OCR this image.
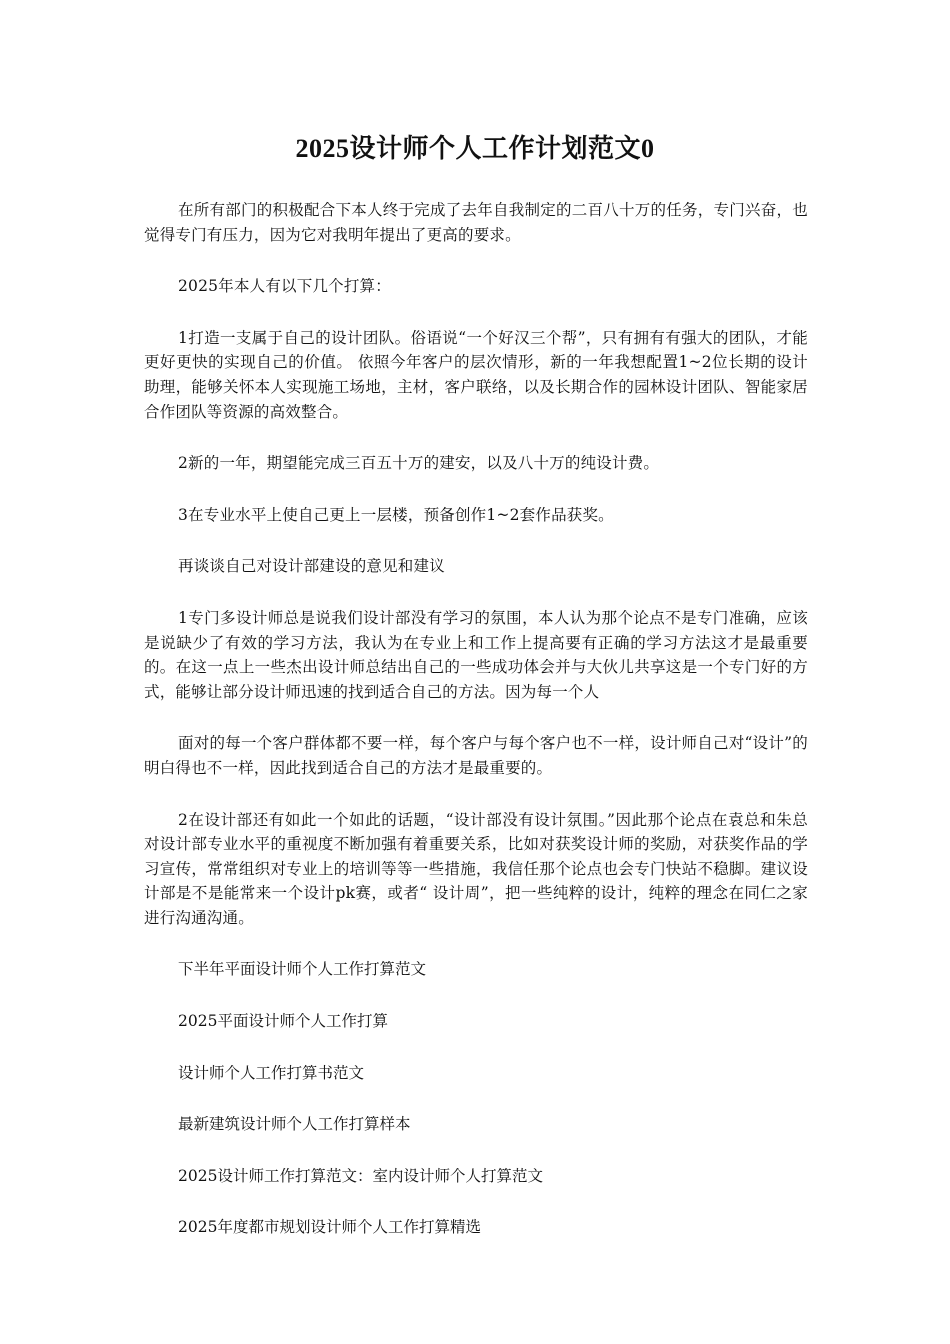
2025设计师个人工作计划范文0

在所有部门的积极配合下本人终于完成了去年自我制定的二百八十万的任务，专门兴奋，也觉得专门有压力，因为它对我明年提出了更高的要求。

2025年本人有以下几个打算：

1打造一支属于自己的设计团队。俗语说“一个好汉三个帮”，只有拥有有强大的团队，才能更好更快的实现自己的价值。 依照今年客户的层次情形，新的一年我想配置1~2位长期的设计助理，能够关怀本人实现施工场地，主材，客户联络，以及长期合作的园林设计团队、智能家居合作团队等资源的高效整合。

2新的一年，期望能完成三百五十万的建安，以及八十万的纯设计费。

3在专业水平上使自己更上一层楼，预备创作1~2套作品获奖。

再谈谈自己对设计部建设的意见和建议

1专门多设计师总是说我们设计部没有学习的氛围，本人认为那个论点不是专门准确，应该是说缺少了有效的学习方法，我认为在专业上和工作上提高要有正确的学习方法这才是最重要的。在这一点上一些杰出设计师总结出自己的一些成功体会并与大伙儿共享这是一个专门好的方式，能够让部分设计师迅速的找到适合自己的方法。因为每一个人

面对的每一个客户群体都不要一样，每个客户与每个客户也不一样，设计师自己对“设计”的明白得也不一样，因此找到适合自己的方法才是最重要的。

2在设计部还有如此一个如此的话题，“设计部没有设计氛围。”因此那个论点在袁总和朱总对设计部专业水平的重视度不断加强有着重要关系，比如对获奖设计师的奖励，对获奖作品的学习宣传，常常组织对专业上的培训等等一些措施，我信任那个论点也会专门快站不稳脚。建议设计部是不是能常来一个设计pk赛，或者“ 设计周”，把一些纯粹的设计，纯粹的理念在同仁之家进行沟通沟通。

下半年平面设计师个人工作打算范文

2025平面设计师个人工作打算

设计师个人工作打算书范文

最新建筑设计师个人工作打算样本

2025设计师工作打算范文：室内设计师个人打算范文

2025年度都市规划设计师个人工作打算精选
